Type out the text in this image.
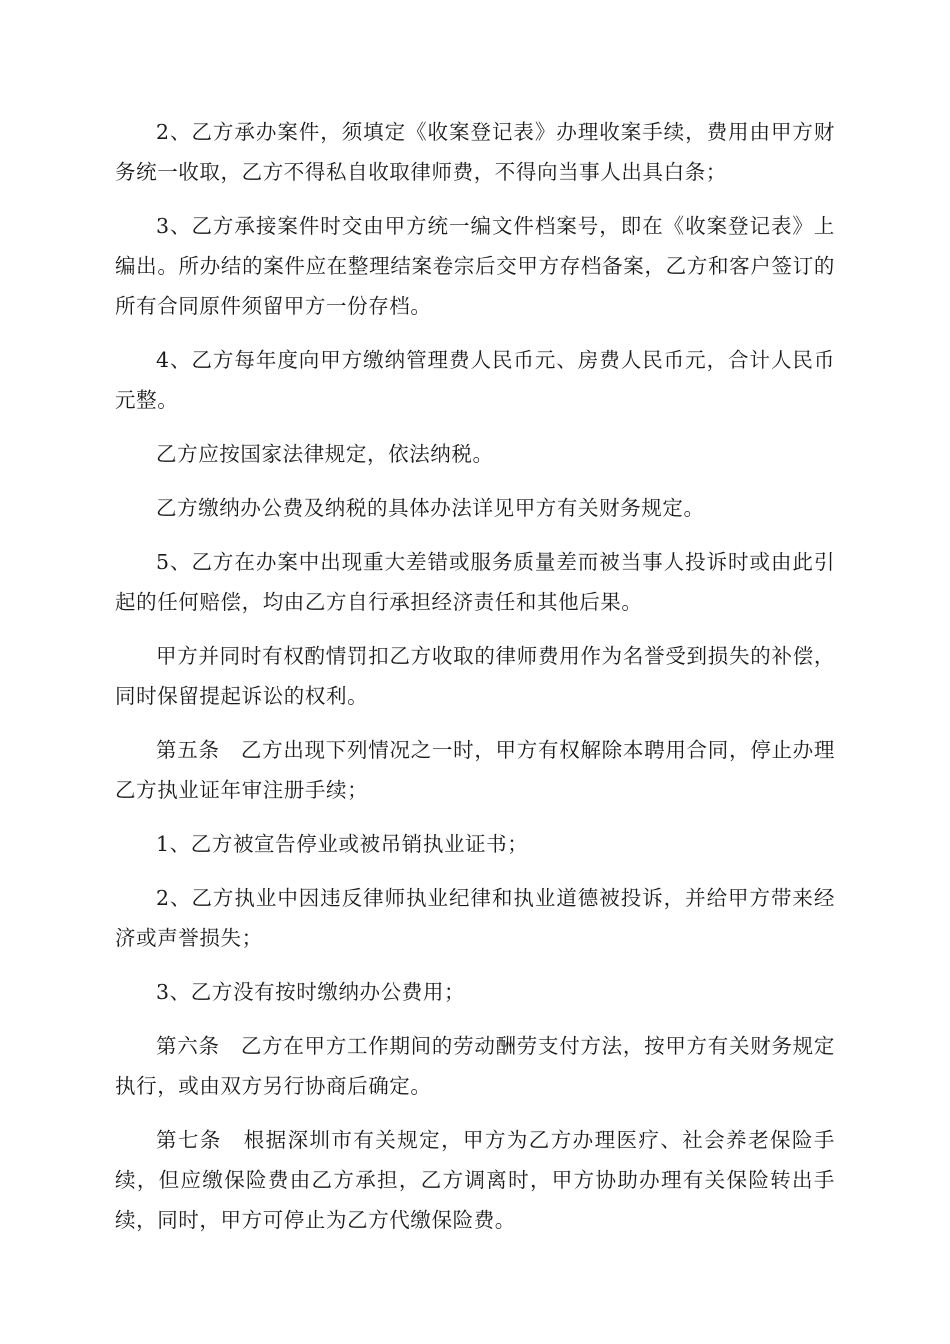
2、乙方承办案件，须填定《收案登记表》办理收案手续，费用由甲方财务统一收取，乙方不得私自收取律师费，不得向当事人出具白条；

3、乙方承接案件时交由甲方统一编文件档案号，即在《收案登记表》上编出。所办结的案件应在整理结案卷宗后交甲方存档备案，乙方和客户签订的所有合同原件须留甲方一份存档。

4、乙方每年度向甲方缴纳管理费人民币元、房费人民币元，合计人民币元整。

乙方应按国家法律规定，依法纳税。

乙方缴纳办公费及纳税的具体办法详见甲方有关财务规定。

5、乙方在办案中出现重大差错或服务质量差而被当事人投诉时或由此引起的任何赔偿，均由乙方自行承担经济责任和其他后果。

甲方并同时有权酌情罚扣乙方收取的律师费用作为名誉受到损失的补偿，同时保留提起诉讼的权利。

第五条　乙方出现下列情况之一时，甲方有权解除本聘用合同，停止办理乙方执业证年审注册手续；

1、乙方被宣告停业或被吊销执业证书；

2、乙方执业中因违反律师执业纪律和执业道德被投诉，并给甲方带来经济或声誉损失；

3、乙方没有按时缴纳办公费用；

第六条　乙方在甲方工作期间的劳动酬劳支付方法，按甲方有关财务规定执行，或由双方另行协商后确定。

第七条　根据深圳市有关规定，甲方为乙方办理医疗、社会养老保险手续，但应缴保险费由乙方承担，乙方调离时，甲方协助办理有关保险转出手续，同时，甲方可停止为乙方代缴保险费。
